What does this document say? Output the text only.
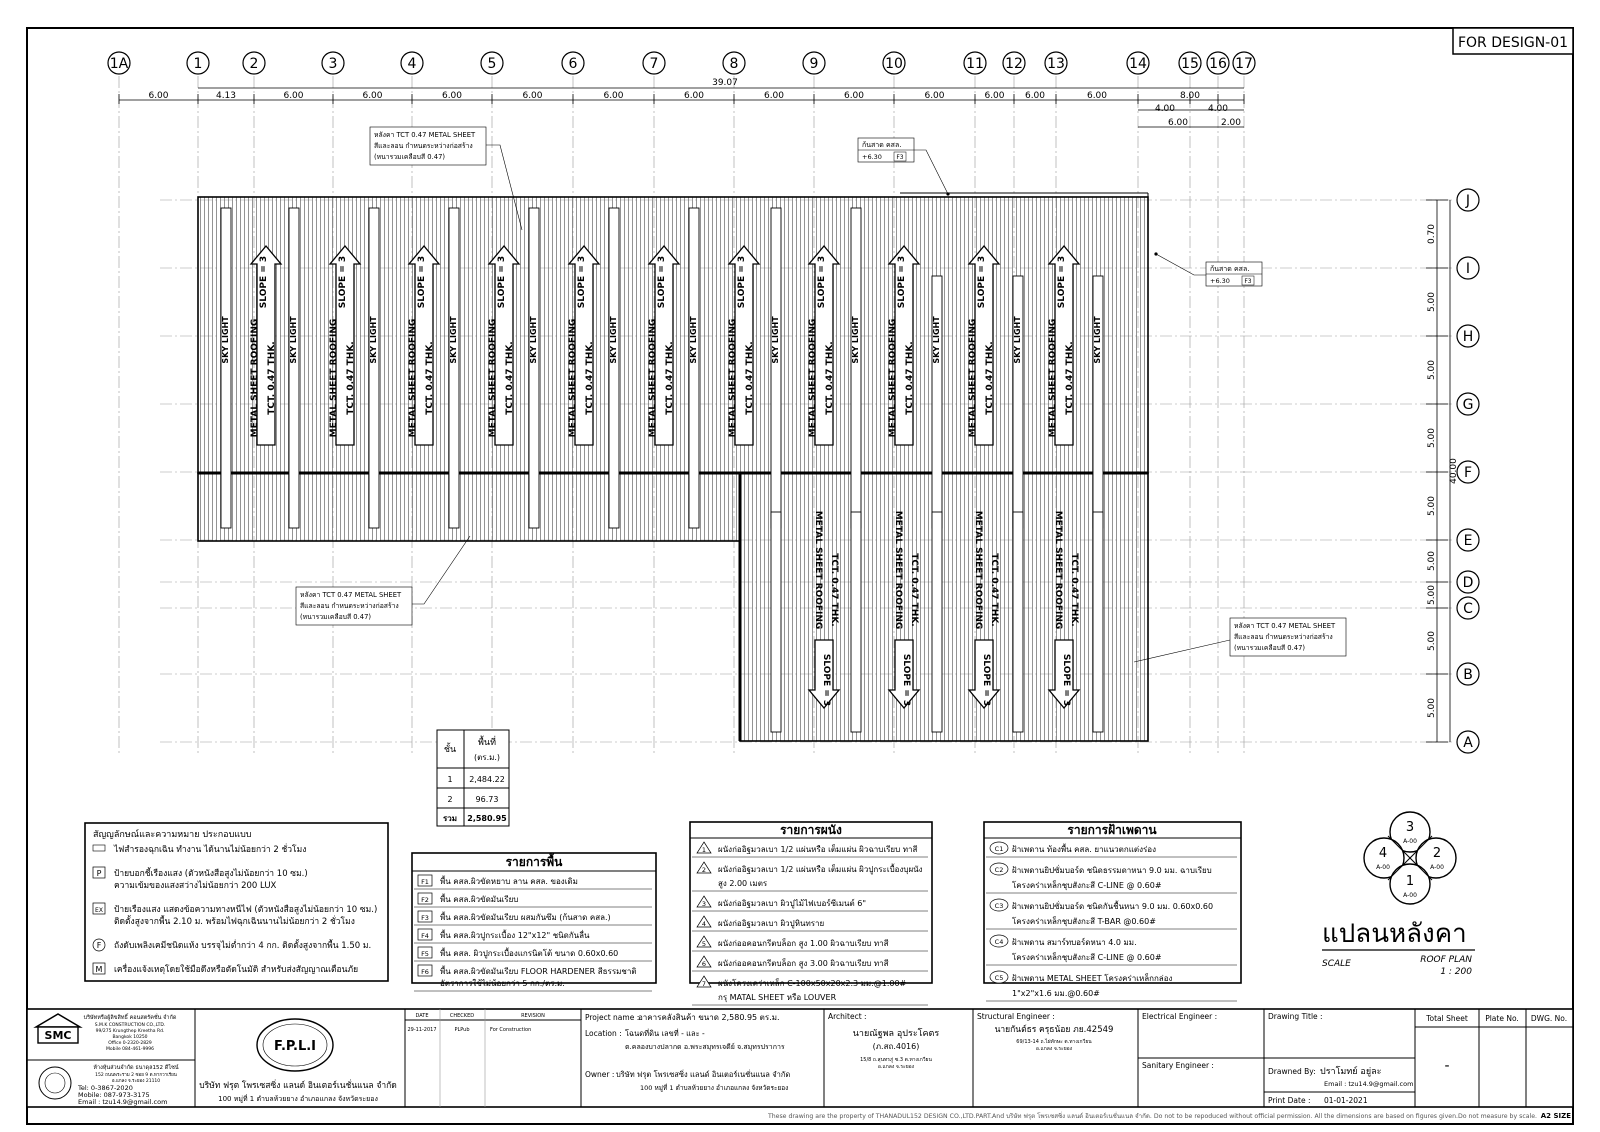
FOR DESIGN-01
1A
6.00
1
4.13
2
6.00
3
6.00
4
6.00
5
6.00
6
6.00
7
6.00
8
6.00
9
6.00
10
6.00
11
6.00
12
6.00
13
6.00
14 15 16 17
39.07
4.00	4.00
8.00
6.00	2.00
J
0.70
I
5.00
H
5.00
G
5.00
F
5.00
E
5.00
D
5.00
C
5.00
B
5.00
A
40.00
SKY LIGHT	SKY LIGHT	SKY LIGHT	SKY LIGHT	SKY LIGHT	SKY LIGHT	SKY LIGHT	SKY LIGHT	SKY LIGHT	SKY LIGHT	SKY LIGHT	SKY LIGHT
SLOPE = 3
METAL SHEET ROOFING TCT. 0.47 THK.
SLOPE = 3
METAL SHEET ROOFING TCT. 0.47 THK.
SLOPE = 3
METAL SHEET ROOFING TCT. 0.47 THK.
SLOPE = 3
METAL SHEET ROOFING TCT. 0.47 THK.
SLOPE = 3
METAL SHEET ROOFING TCT. 0.47 THK.
SLOPE = 3
METAL SHEET ROOFING TCT. 0.47 THK.
SLOPE = 3
METAL SHEET ROOFING TCT. 0.47 THK.
SLOPE = 3
METAL SHEET ROOFING TCT. 0.47 THK.
SLOPE = 3
METAL SHEET ROOFING TCT. 0.47 THK.
SLOPE = 3
METAL SHEET ROOFING TCT. 0.47 THK.
SLOPE = 3
METAL SHEET ROOFING TCT. 0.47 THK.
METAL SHEET ROOFING TCT. 0.47 THK.
SLOPE = 3
METAL SHEET ROOFING TCT. 0.47 THK.
SLOPE = 3
METAL SHEET ROOFING TCT. 0.47 THK.
SLOPE = 3
METAL SHEET ROOFING TCT. 0.47 THK.
SLOPE = 3
หลังคา TCT 0.47 METAL SHEET
สีและลอน กำหนดระหว่างก่อสร้าง
(หนารวมเคลือบสี 0.47)
หลังคา TCT 0.47 METAL SHEET
สีและลอน กำหนดระหว่างก่อสร้าง
(หนารวมเคลือบสี 0.47)
หลังคา TCT 0.47 METAL SHEET
สีและลอน กำหนดระหว่างก่อสร้าง
(หนารวมเคลือบสี 0.47)
ก้นสาด คสล.
+6.30 F3
ก้นสาด คสล.
+6.30 F3
ชั้น
พื้นที่
(ตร.ม.)
1 2,484.22
2	96.73
รวม 2,580.95
สัญญลักษณ์และความหมาย ประกอบแบบ
ไฟสำรองฉุกเฉิน ทำงาน ได้นานไม่น้อยกว่า 2 ชั่วโมง
P ป้ายบอกชี้เรืองแสง (ตัวหนังสือสูงไม่น้อยกว่า 10 ซม.)
ความเข้มของแสงสว่างไม่น้อยกว่า 200 LUX
EX ป้ายเรืองแสง แสดงข้อความทางหนีไฟ (ตัวหนังสือสูงไม่น้อยกว่า 10 ซม.)
ติดตั้งสูงจากพื้น 2.10 ม. พร้อมไฟฉุกเฉินนานไม่น้อยกว่า 2 ชั่วโมง
F ถังดับเพลิงเคมีชนิดแห้ง บรรจุไม่ต่ำกว่า 4 กก. ติดตั้งสูงจากพื้น 1.50 ม.
M เครื่องแจ้งเหตุโดยใช้มือดึงหรือตัดโนมัติ สำหรับส่งสัญญาณเตือนภัย
รายการพื้น
F1 พื้น คสล.ผิวขัดหยาบ ลาน คสล. ของเดิม
F2 พื้น คสล.ผิวขัดมันเรียบ
F3 พื้น คสล.ผิวขัดมันเรียบ ผสมกันซึม (ก้นสาด คสล.)
F4 พื้น คสล.ผิวปูกระเบื้อง 12"x12" ชนิดกันลื่น
F5 พื้น คสล. ผิวปูกระเบื้องแกรนิตโต้ ขนาด 0.60x0.60
F6 พื้น คสล.ผิวขัดมันเรียบ FLOOR HARDENER สีธรรมชาติ
อัตราการใช้ไม่น้อยกว่า 5 กก./ตร.ม.
รายการผนัง
1 ผนังก่ออิฐมวลเบา 1/2 แผ่นหรือ เต็มแผ่น ผิวฉาบเรียบ ทาสี
2 ผนังก่ออิฐมวลเบา 1/2 แผ่นหรือ เต็มแผ่น ผิวปูกระเบื้องบุผนัง
สูง 2.00 เมตร
3 ผนังก่ออิฐมวลเบา ผิวปูไม้ไฟเบอร์ซีเมนต์ 6"
4 ผนังก่ออิฐมวลเบา ผิวปูหินทราย
5 ผนังก่ออคอนกรีตบล็อก สูง 1.00 ผิวฉาบเรียบ ทาสี
6 ผนังก่ออคอนกรีตบล็อก สูง 3.00 ผิวฉาบเรียบ ทาสี
7 ผนังโครงเคร่าเหล็ก C-100x50x20x2.3 มม.@1.00#
กรุ MATAL SHEET หรือ LOUVER
รายการฝ้าเพดาน
C1 ฝ้าเพดาน ท้องพื้น คสล. ยาแนวตกแต่งร่อง
C2 ฝ้าเพดานยิปซั่มบอร์ด ชนิดธรรมดาหนา 9.0 มม. ฉาบเรียบ
โครงคร่าเหล็กชุบสังกะสี C-LINE @ 0.60#
C3 ฝ้าเพดานยิปซั่มบอร์ด ชนิดกันชื้นหนา 9.0 มม. 0.60x0.60
โครงคร่าเหล็กชุบสังกะสี T-BAR @0.60#
C4 ฝ้าเพดาน สมาร์ทบอร์ดหนา 4.0 มม.
โครงคร่าเหล็กชุบสังกะสี C-LINE @ 0.60#
C5 ฝ้าเพดาน METAL SHEET โครงคร่าเหล็กกล่อง
1"x2"x1.6 มม.@0.60#
3
A-00
4
A-00
2
A-00
1
A-00
แปลนหลังคา
ROOF PLAN
SCALE
1 : 200
SMC
บริษัทหรือผู้ลิขสิทธิ์ คอนสตรัคชั่น จำกัด
S.M.K CONSTRUCTION CO.,LTD.
99/275 Krungthep Kreetha Rd.
Bangkok 10250
Office 0-2320-2829
Mobile 084-461-9996
ห้างหุ้นส่วนจำกัด ธนาดุล152 ดีไซน์
152 ถนนพระราม 2 ซอย 9 ต.หากวาเรียน
อ.แกลง จ.ระยอง 21110
Tel: 0-3867-2020
Mobile: 087-973-3175
Email : tzu14.9@gmail.com
F.P.L.I
บริษัท ฟรุต โพรเซสซิ่ง แลนด์ อินเตอร์เนชั่นแนล จำกัด
100 หมู่ที่ 1 ตำบลห้วยยาง อำเภอแกลง จังหวัดระยอง
DATE	CHECKED	REVISION
29-11-2017	PLPub	For Construction
Project name :
อาคารคลังสินค้า ขนาด 2,580.95 ตร.ม.
Location : โฉนดที่ดิน เลขที่ - และ -
ต.คลองบางปลากด อ.พระสมุทรเจดีย์ จ.สมุทรปราการ
Owner : บริษัท ฟรุต โพรเซสซิ่ง แลนด์ อินเตอร์เนชั่นแนล จำกัด
100 หมู่ที่ 1 ตำบลห้วยยาง อำเภอแกลง จังหวัดระยอง
Architect :
นายณัฐพล อุประโคตร
(ภ.สถ.4016)
15/8 ถ.สุนทรภู่ ซ.3 ต.ทางเกวียน
อ.แกลง จ.ระยอง
Structural Engineer :
นายกันต์ธร ครุธน้อย ภย.42549
69/13-14 ถ.ไผ่ทักษะ ต.ทางเกวียน
อ.แกลง จ.ระยอง
Electrical Engineer :
Sanitary Engineer :
Drawing Title :
Drawned By: ปราโมทย์ อยู่ละ
Email : tzu14.9@gmail.com
Print Date : 01-01-2021
Total Sheet Plate No. DWG. No.
-
These drawing are the property of THANADUL152 DESIGN CO.,LTD.PART.And บริษัท ฟรุต โพรเซสซิ่ง แลนด์ อินเตอร์เนชั่นแนล จำกัด. Do not to be repoduced without official permission. All the dimensions are based on figures given.Do not measure by scale. A2 SIZE
